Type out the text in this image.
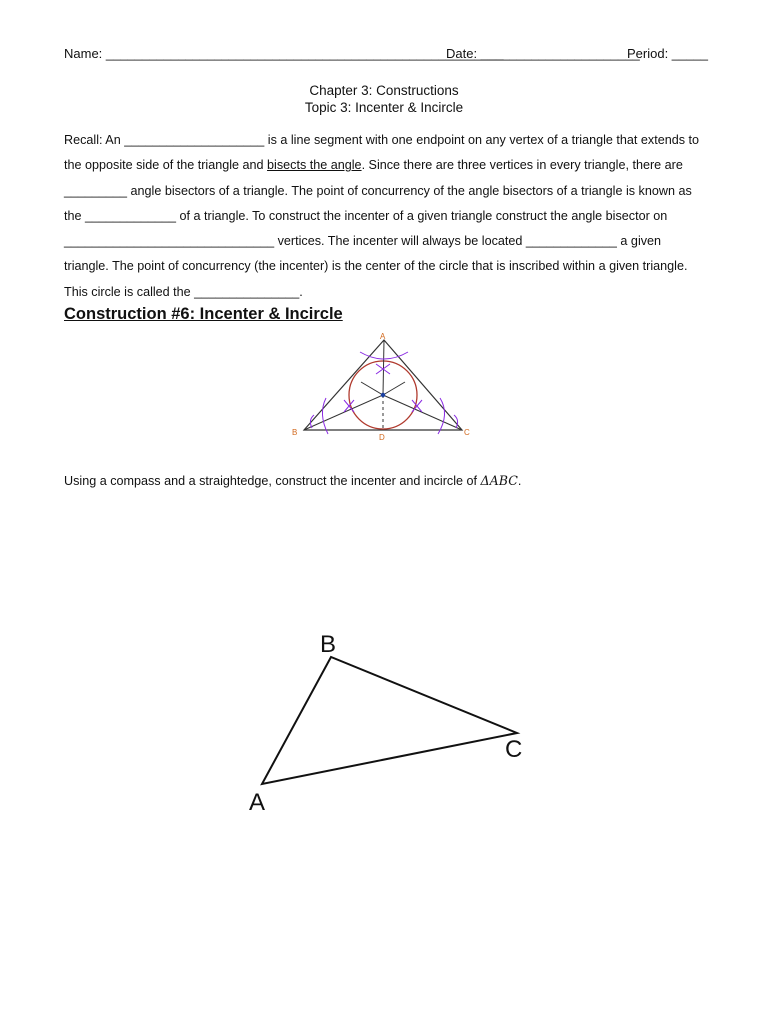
Name: _______________________________________________________
Date: ______________________
Period: _____
Chapter 3: Constructions
Topic 3: Incenter & Incircle
Recall: An ____________________ is a line segment with one endpoint on any vertex of a triangle that extends to the opposite side of the triangle and bisects the angle. Since there are three vertices in every triangle, there are _________ angle bisectors of a triangle. The point of concurrency of the angle bisectors of a triangle is known as the _____________ of a triangle. To construct the incenter of a given triangle construct the angle bisector on ______________________________ vertices. The incenter will always be located _____________ a given triangle. The point of concurrency (the incenter) is the center of the circle that is inscribed within a given triangle. This circle is called the _______________.
Construction #6: Incenter & Incircle
A
B	C
D
Using a compass and a straightedge, construct the incenter and incircle of ΔABC.
B
C
A
